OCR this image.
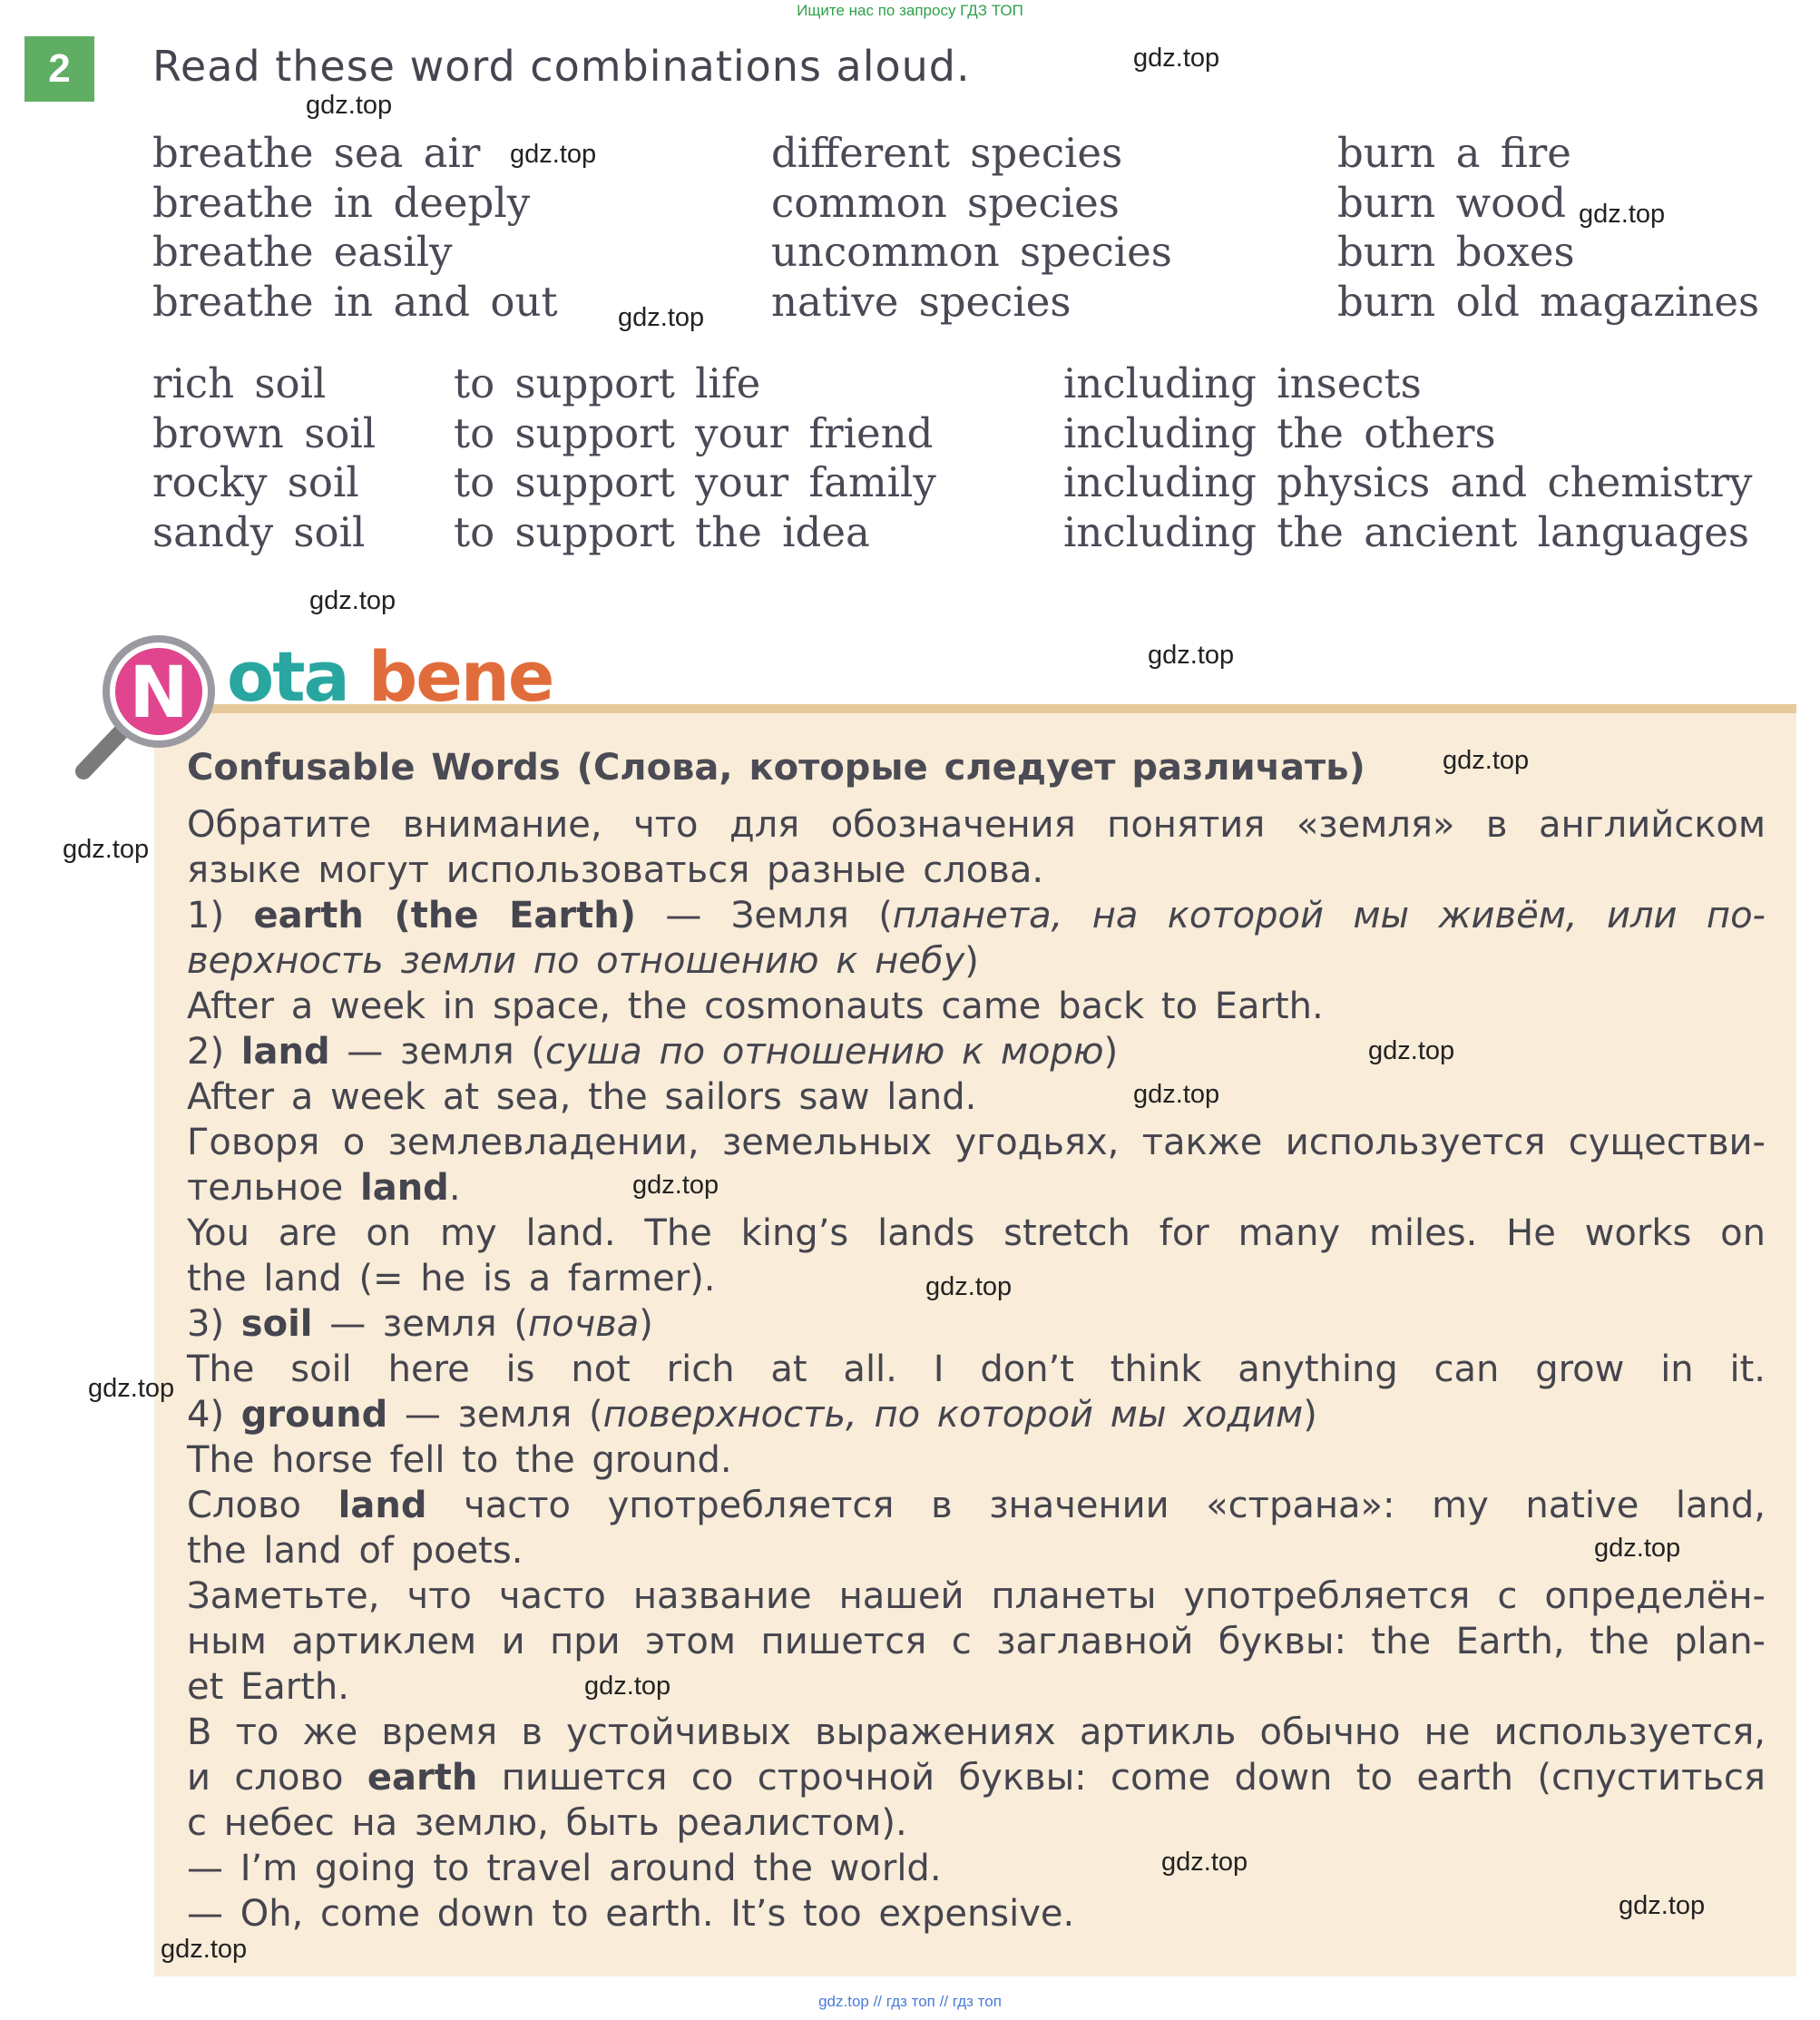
Ищите нас по запросу ГДЗ ТОП
2	Read these word combinations aloud.
breathe sea air
breathe in deeply
breathe easily
breathe in and out
different species
common species
uncommon species
native species
burn a fire
burn wood
burn boxes
burn old magazines
rich soil
brown soil
rocky soil
sandy soil
to support life
to support your friend
to support your family
to support the idea
including insects
including the others
including physics and chemistry
including the ancient languages
N ota bene
Confusable Words (Слова, которые следует различать)

Обратите внимание, что для обозначения понятия «земля» в английском

языке могут использоваться разные слова.

1) earth (the Earth) — Земля (планета, на которой мы живём, или по-

верхность земли по отношению к небу)

After a week in space, the cosmonauts came back to Earth.

2) land — земля (суша по отношению к морю)

After a week at sea, the sailors saw land.

Говоря о землевладении, земельных угодьях, также используется существи-

тельное land.

You are on my land. The king’s lands stretch for many miles. He works on

the land (= he is a farmer).

3) soil — земля (почва)

The soil here is not rich at all. I don’t think anything can grow in it.

4) ground — земля (поверхность, по которой мы ходим)

The horse fell to the ground.

Слово land часто употребляется в значении «страна»: my native land,

the land of poets.

Заметьте, что часто название нашей планеты употребляется с определён-

ным артиклем и при этом пишется с заглавной буквы: the Earth, the plan-

et Earth.

В то же время в устойчивых выражениях артикль обычно не используется,

и слово earth пишется со строчной буквы: come down to earth (спуститься

с небес на землю, быть реалистом).

— I’m going to travel around the world.

— Oh, come down to earth. It’s too expensive.

gdz.top
gdz.top
gdz.top
gdz.top
gdz.top
gdz.top
gdz.top
gdz.top
gdz.top
gdz.top
gdz.top
gdz.top
gdz.top
gdz.top
gdz.top
gdz.top
gdz.top
gdz.top
gdz.top
gdz.top // гдз топ // гдз топ
